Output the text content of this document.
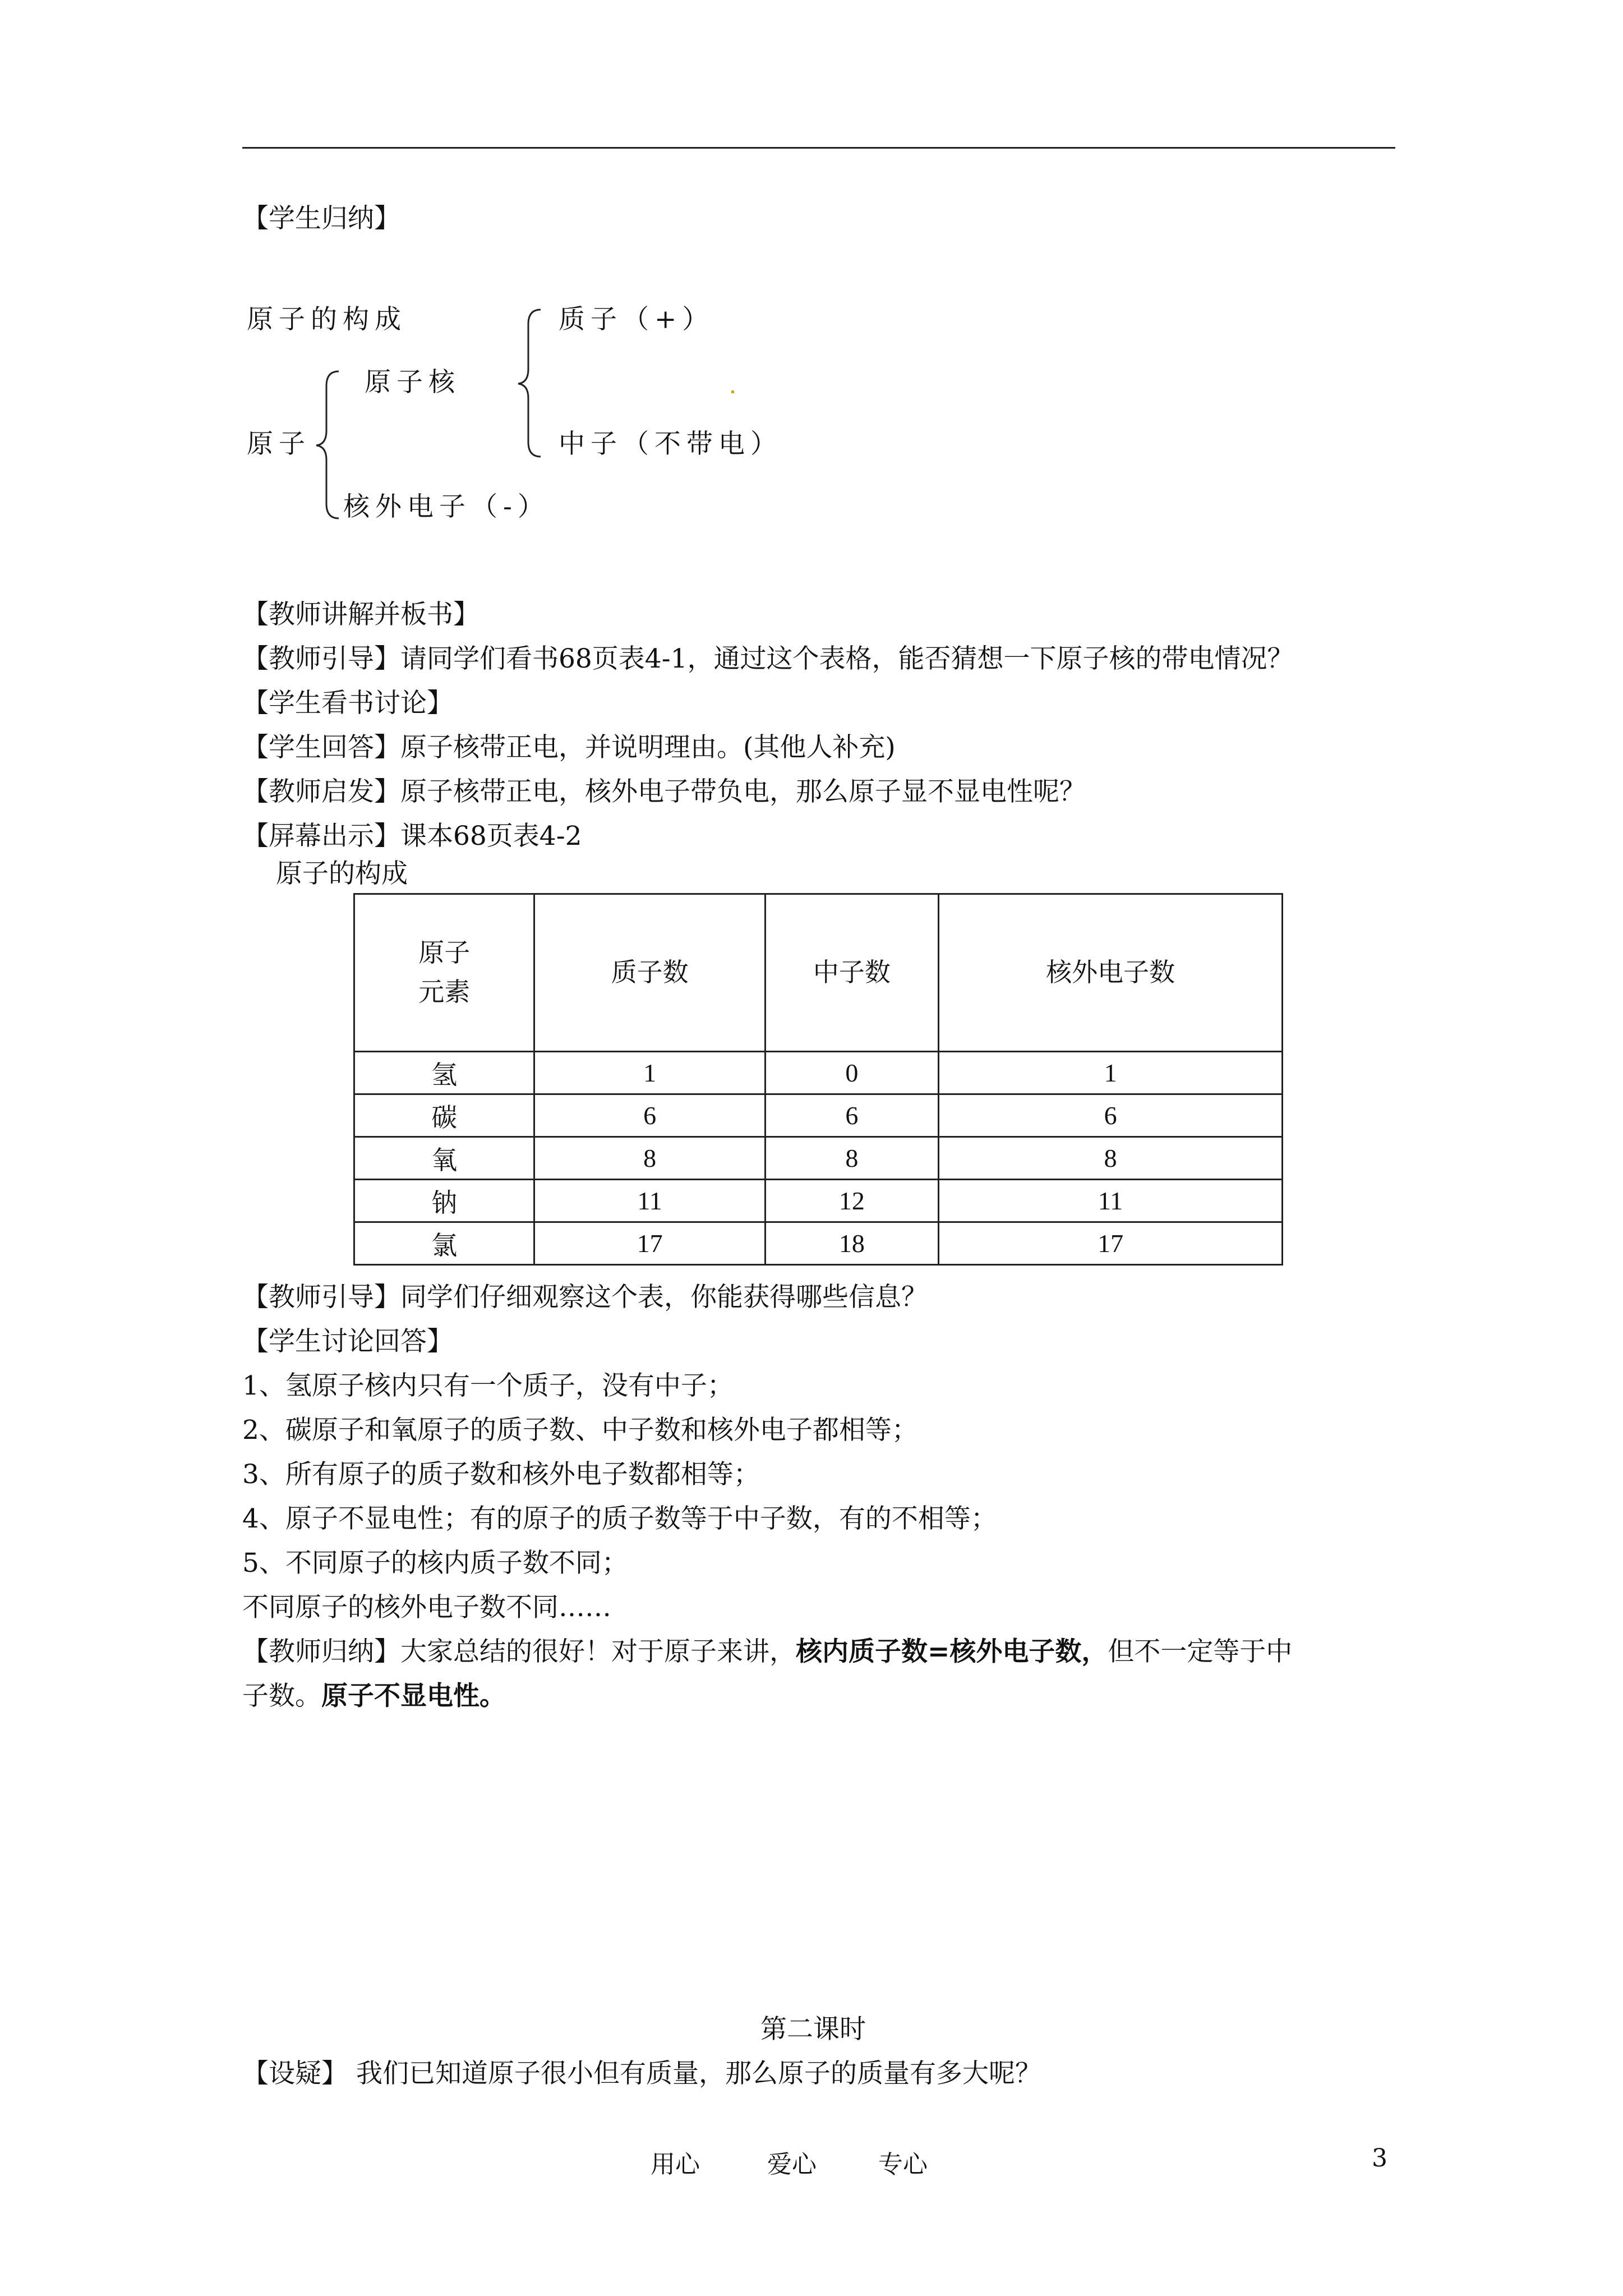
【学生归纳】
原子的构成	质子（+）
原子核
原子	中子（不带电）
核外电子（-）
【教师讲解并板书】
【教师引导】请同学们看书68页表4-1，通过这个表格，能否猜想一下原子核的带电情况？
【学生看书讨论】
【学生回答】原子核带正电，并说明理由。(其他人补充)
【教师启发】原子核带正电，核外电子带负电，那么原子显不显电性呢？
【屏幕出示】课本68页表4-2
原子的构成
原子
元素	质子数	中子数	核外电子数
氢	1	0	1
碳	6	6	6
氧	8	8	8
钠	11	12	11
氯	17	18	17
【教师引导】同学们仔细观察这个表，你能获得哪些信息？
【学生讨论回答】
1、氢原子核内只有一个质子，没有中子；
2、碳原子和氧原子的质子数、中子数和核外电子都相等；
3、所有原子的质子数和核外电子数都相等；
4、原子不显电性；有的原子的质子数等于中子数，有的不相等；
5、不同原子的核内质子数不同；
不同原子的核外电子数不同……
【教师归纳】大家总结的很好！对于原子来讲，核内质子数=核外电子数，但不一定等于中
子数。原子不显电性。
第二课时
【设疑】 我们已知道原子很小但有质量，那么原子的质量有多大呢？
用心	爱心	专心	3
